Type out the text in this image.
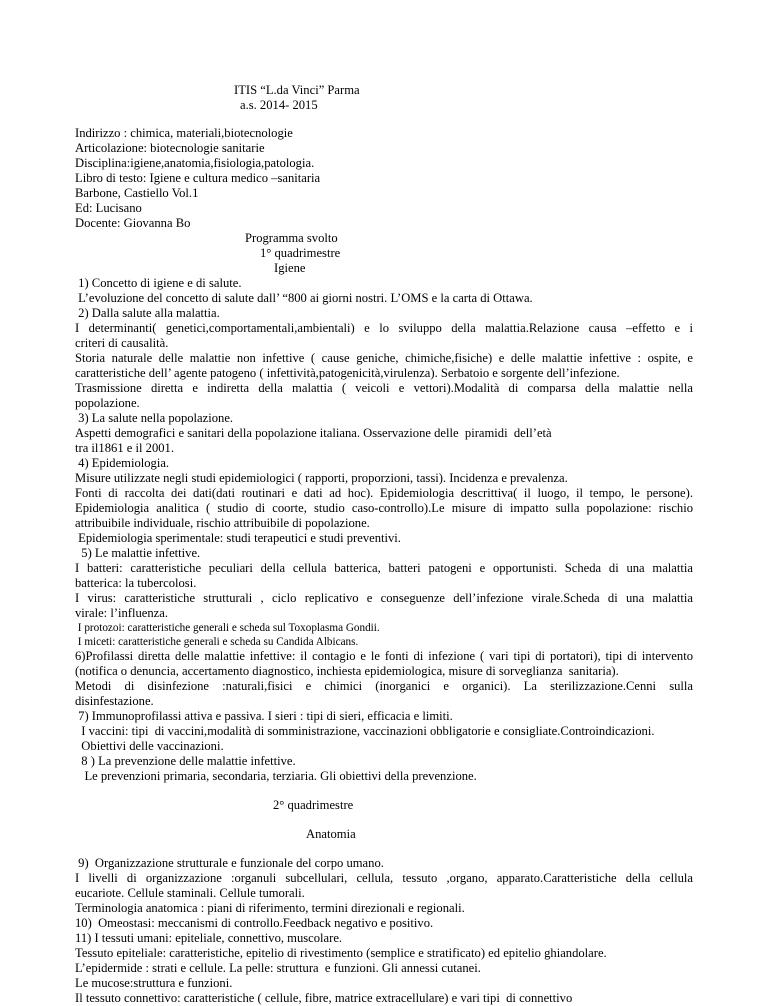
ITIS “L.da Vinci” Parma
a.s. 2014- 2015
Indirizzo : chimica, materiali,biotecnologie
Articolazione: biotecnologie sanitarie
Disciplina:igiene,anatomia,fisiologia,patologia.
Libro di testo: Igiene e cultura medico –sanitaria
Barbone, Castiello Vol.1
Ed: Lucisano
Docente: Giovanna Bo
Programma svolto
1° quadrimestre
Igiene
1) Concetto di igiene e di salute.
L’evoluzione del concetto di salute dall’ “800 ai giorni nostri. L’OMS e la carta di Ottawa.
2) Dalla salute alla malattia.
I determinanti( genetici,comportamentali,ambientali) e lo sviluppo della malattia.Relazione causa –effetto e i
criteri di causalità.
Storia naturale delle malattie non infettive ( cause geniche, chimiche,fisiche) e delle malattie infettive : ospite, e
caratteristiche dell’ agente patogeno ( infettività,patogenicità,virulenza). Serbatoio e sorgente dell’infezione.
Trasmissione diretta e indiretta della malattia ( veicoli e vettori).Modalità di comparsa della malattie nella
popolazione.
3) La salute nella popolazione.
Aspetti demografici e sanitari della popolazione italiana. Osservazione delle  piramidi  dell’età
tra il1861 e il 2001.
4) Epidemiologia.
Misure utilizzate negli studi epidemiologici ( rapporti, proporzioni, tassi). Incidenza e prevalenza.
Fonti di raccolta dei dati(dati routinari e dati ad hoc). Epidemiologia descrittiva( il luogo, il tempo, le persone).
Epidemiologia analitica ( studio di coorte, studio caso-controllo).Le misure di impatto sulla popolazione: rischio
attribuibile individuale, rischio attribuibile di popolazione.
Epidemiologia sperimentale: studi terapeutici e studi preventivi.
5) Le malattie infettive.
I batteri: caratteristiche peculiari della cellula batterica, batteri patogeni e opportunisti. Scheda di una malattia
batterica: la tubercolosi.
I virus: caratteristiche strutturali , ciclo replicativo e conseguenze dell’infezione virale.Scheda di una malattia
virale: l’influenza.
I protozoi: caratteristiche generali e scheda sul Toxoplasma Gondii.
I miceti: caratteristiche generali e scheda su Candida Albicans.
6)Profilassi diretta delle malattie infettive: il contagio e le fonti di infezione ( vari tipi di portatori), tipi di intervento
(notifica o denuncia, accertamento diagnostico, inchiesta epidemiologica, misure di sorveglianza  sanitaria).
Metodi di disinfezione :naturali,fisici e chimici (inorganici e organici). La sterilizzazione.Cenni sulla
disinfestazione.
7) Immunoprofilassi attiva e passiva. I sieri : tipi di sieri, efficacia e limiti.
I vaccini: tipi  di vaccini,modalità di somministrazione, vaccinazioni obbligatorie e consigliate.Controindicazioni.
Obiettivi delle vaccinazioni.
8 ) La prevenzione delle malattie infettive.
Le prevenzioni primaria, secondaria, terziaria. Gli obiettivi della prevenzione.
2° quadrimestre
Anatomia
9)  Organizzazione strutturale e funzionale del corpo umano.
I livelli di organizzazione :organuli subcellulari, cellula, tessuto ,organo, apparato.Caratteristiche della cellula
eucariote. Cellule staminali. Cellule tumorali.
Terminologia anatomica : piani di riferimento, termini direzionali e regionali.
10)  Omeostasi: meccanismi di controllo.Feedback negativo e positivo.
11) I tessuti umani: epiteliale, connettivo, muscolare.
Tessuto epiteliale: caratteristiche, epitelio di rivestimento (semplice e stratificato) ed epitelio ghiandolare.
L’epidermide : strati e cellule. La pelle: struttura  e funzioni. Gli annessi cutanei.
Le mucose:struttura e funzioni.
Il tessuto connettivo: caratteristiche ( cellule, fibre, matrice extracellulare) e vari tipi  di connettivo
